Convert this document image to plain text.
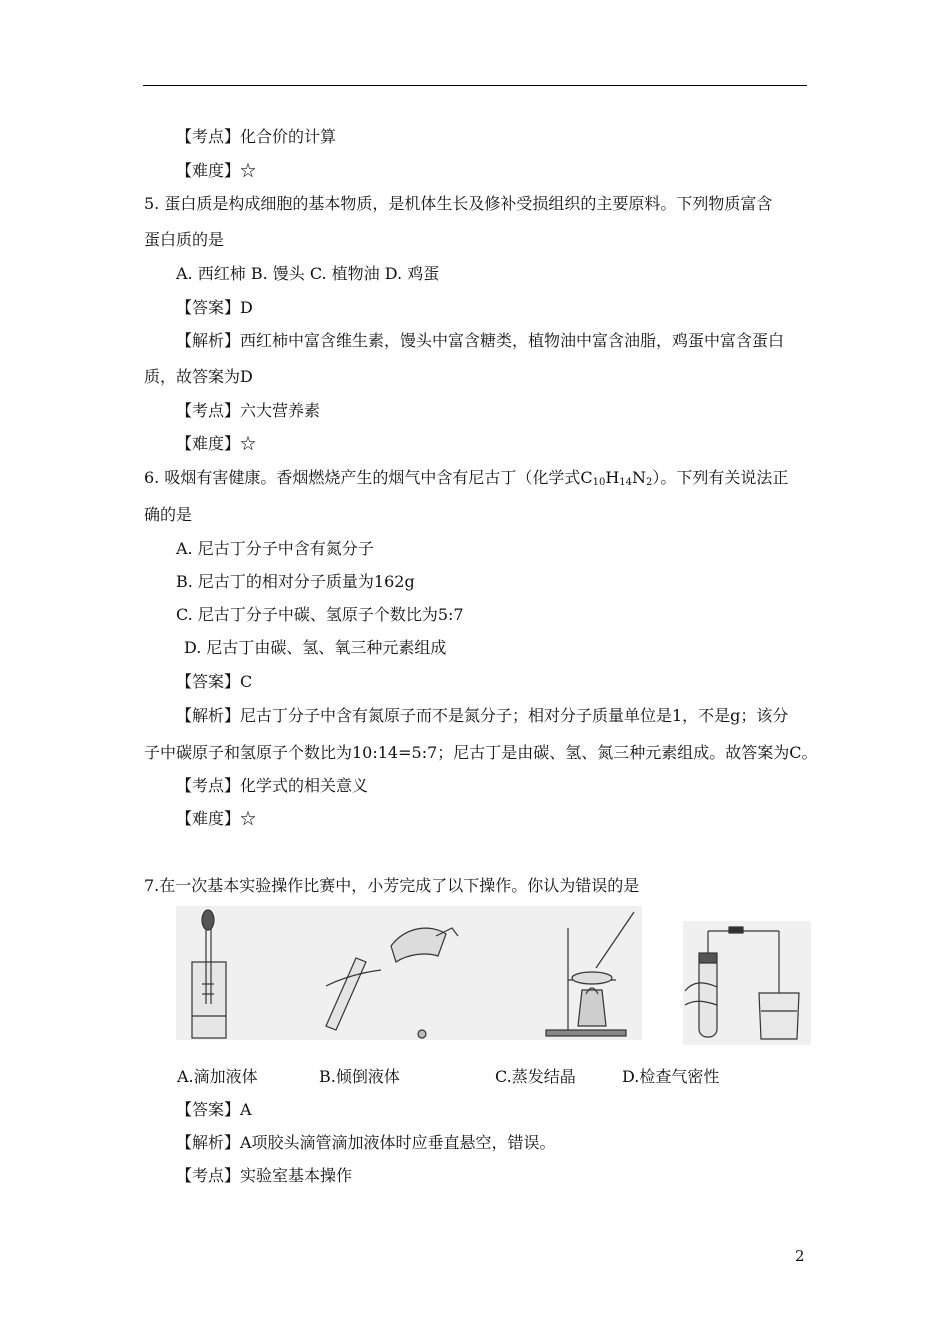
【考点】化合价的计算
【难度】☆
5. 蛋白质是构成细胞的基本物质，是机体生长及修补受损组织的主要原料。下列物质富含
蛋白质的是
A. 西红柿 B. 馒头 C. 植物油 D. 鸡蛋
【答案】D
【解析】西红柿中富含维生素，馒头中富含糖类，植物油中富含油脂，鸡蛋中富含蛋白
质，故答案为D
【考点】六大营养素
【难度】☆
6. 吸烟有害健康。香烟燃烧产生的烟气中含有尼古丁（化学式$C_{10}H_{14}N_2$）。下列有关说法正
确的是
A. 尼古丁分子中含有氮分子
B. 尼古丁的相对分子质量为162g
C. 尼古丁分子中碳、氢原子个数比为5:7
D. 尼古丁由碳、氢、氧三种元素组成
【答案】C
【解析】尼古丁分子中含有氮原子而不是氮分子；相对分子质量单位是1，不是g；该分
子中碳原子和氢原子个数比为10:14=5:7；尼古丁是由碳、氢、氮三种元素组成。故答案为C。
【考点】化学式的相关意义
【难度】☆
7.在一次基本实验操作比赛中，小芳完成了以下操作。你认为错误的是
A.滴加液体	B.倾倒液体	C.蒸发结晶	D.检查气密性
【答案】A
【解析】A项胶头滴管滴加液体时应垂直悬空，错误。
【考点】实验室基本操作
2
